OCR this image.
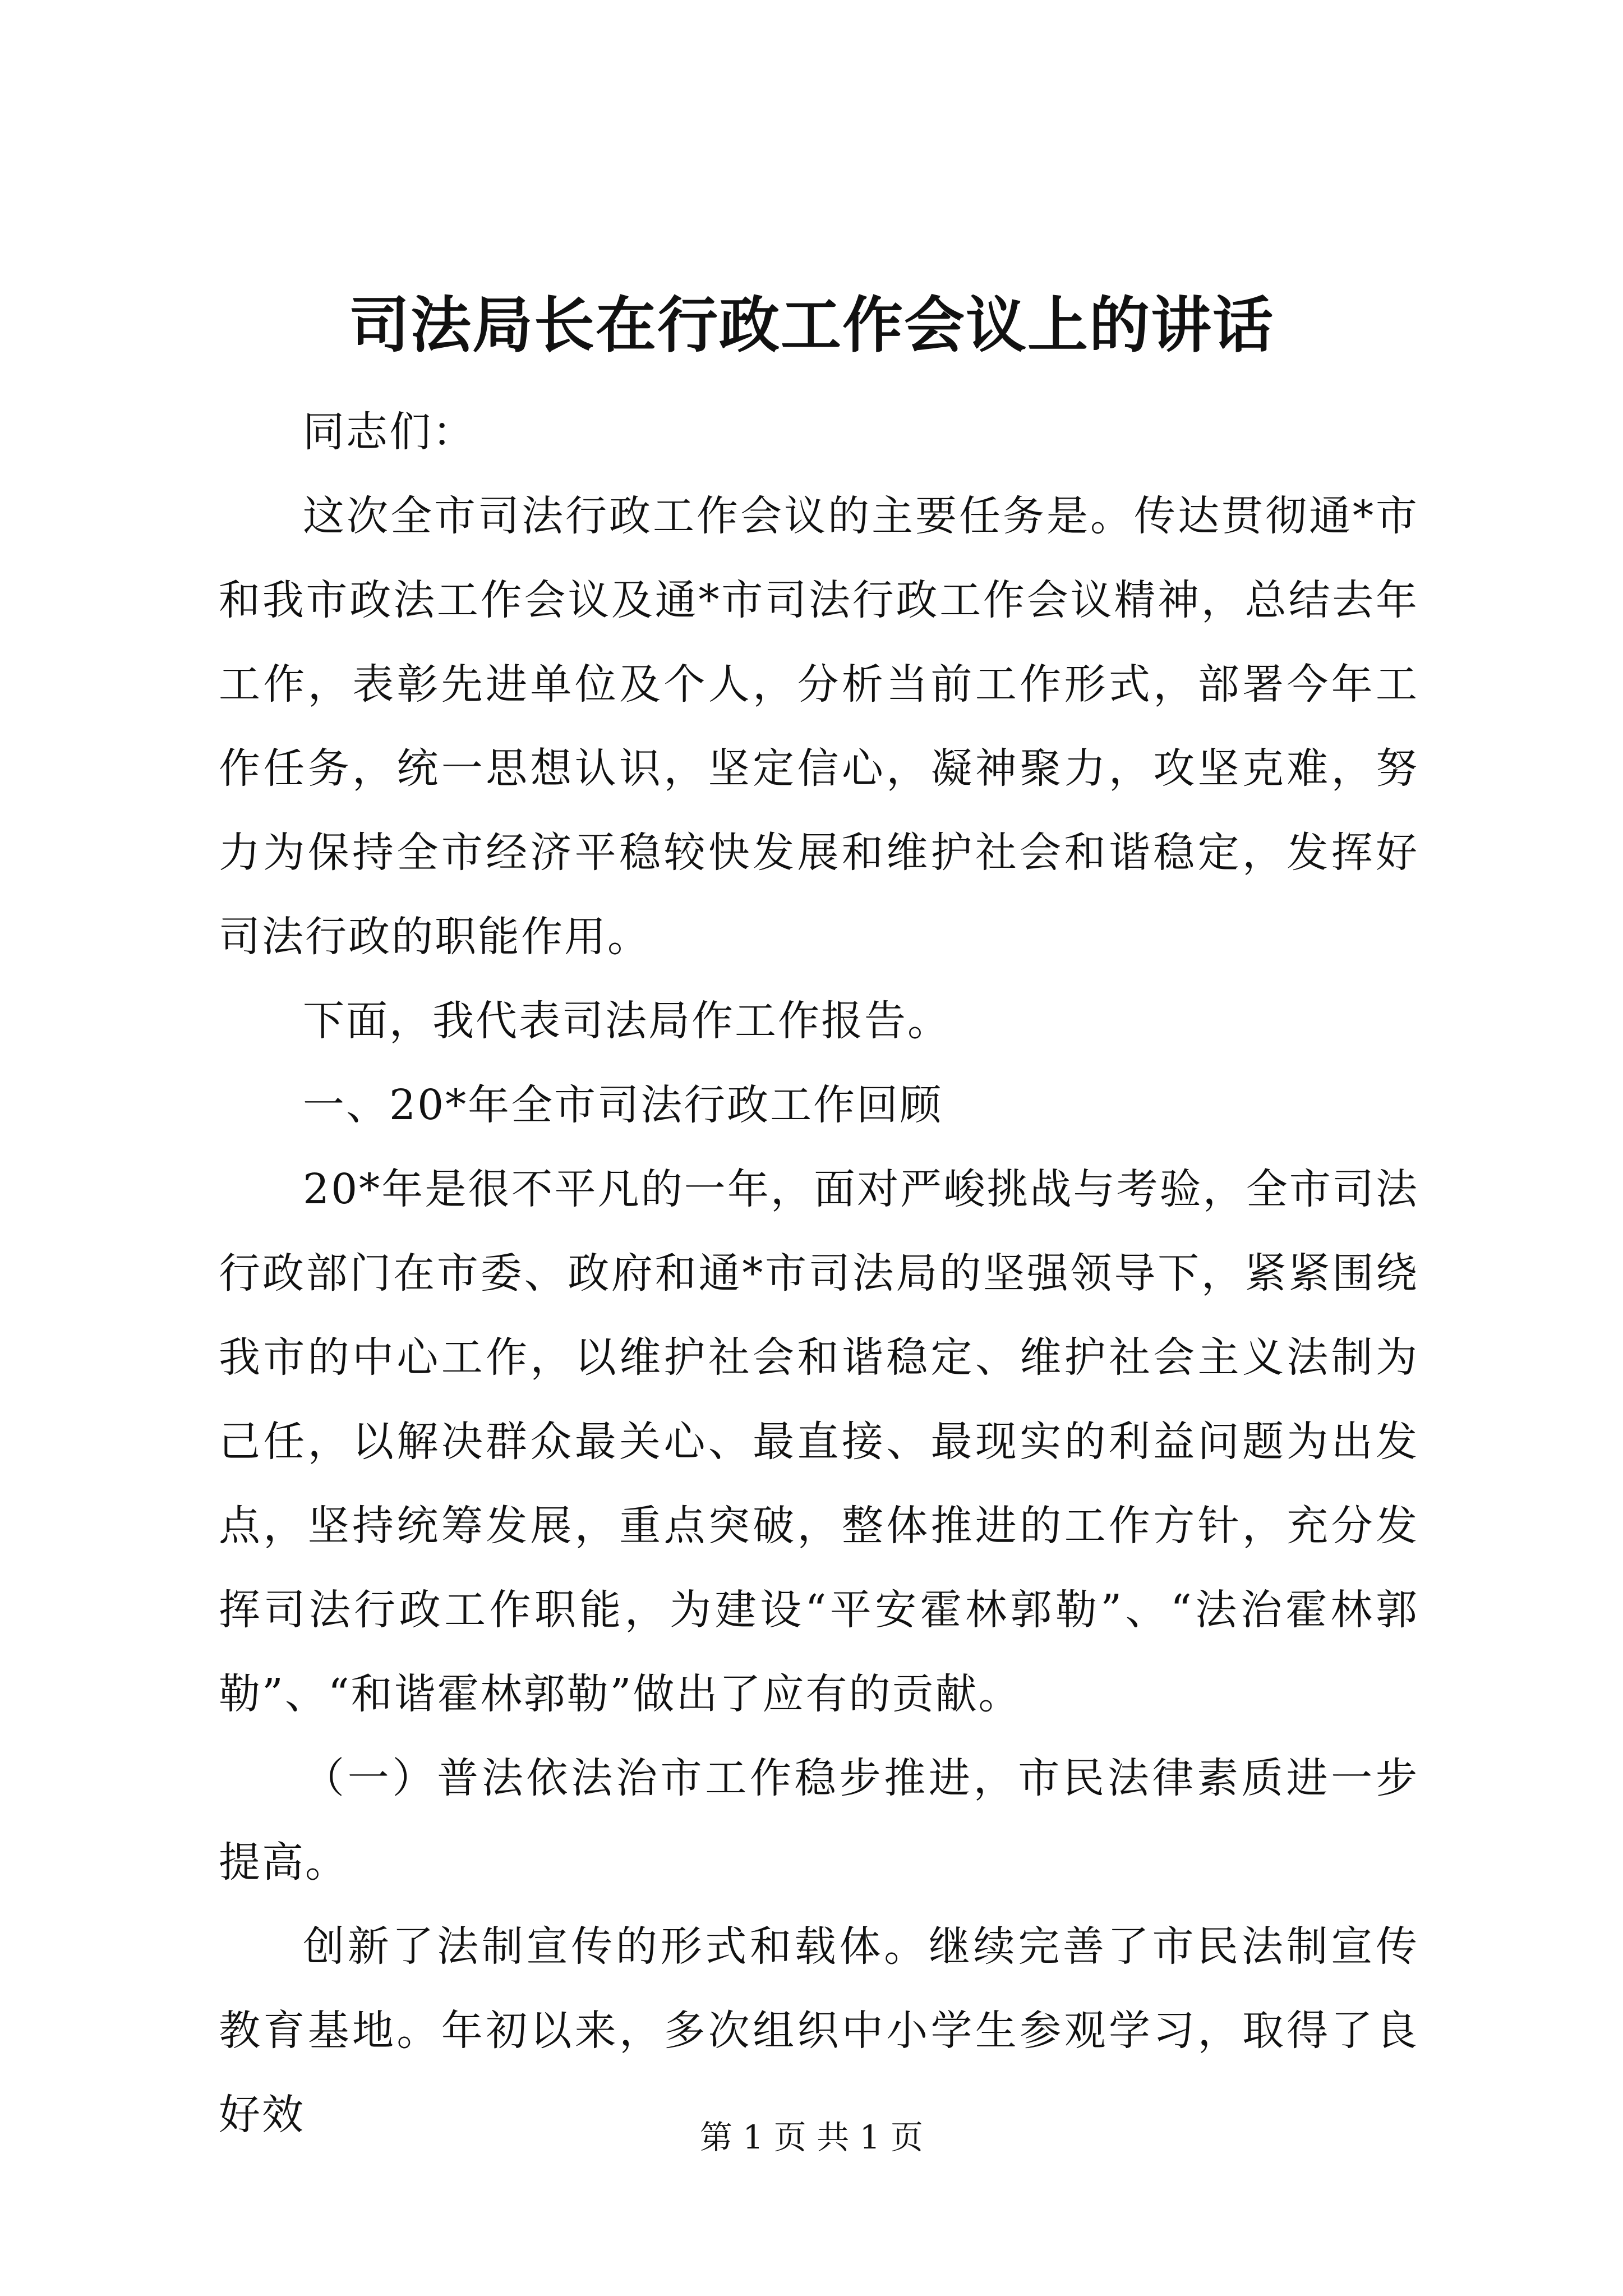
司法局长在行政工作会议上的讲话

同志们：

这次全市司法行政工作会议的主要任务是。传达贯彻通*市和我市政法工作会议及通*市司法行政工作会议精神，总结去年工作，表彰先进单位及个人，分析当前工作形式，部署今年工作任务，统一思想认识，坚定信心，凝神聚力，攻坚克难，努力为保持全市经济平稳较快发展和维护社会和谐稳定，发挥好司法行政的职能作用。

下面，我代表司法局作工作报告。

一、20*年全市司法行政工作回顾

20*年是很不平凡的一年，面对严峻挑战与考验，全市司法行政部门在市委、政府和通*市司法局的坚强领导下，紧紧围绕我市的中心工作，以维护社会和谐稳定、维护社会主义法制为己任，以解决群众最关心、最直接、最现实的利益问题为出发点，坚持统筹发展，重点突破，整体推进的工作方针，充分发挥司法行政工作职能，为建设“平安霍林郭勒”、“法治霍林郭勒”、“和谐霍林郭勒”做出了应有的贡献。

（一）普法依法治市工作稳步推进，市民法律素质进一步提高。

创新了法制宣传的形式和载体。继续完善了市民法制宣传教育基地。年初以来，多次组织中小学生参观学习，取得了良好效	第 1 页 共 1 页
